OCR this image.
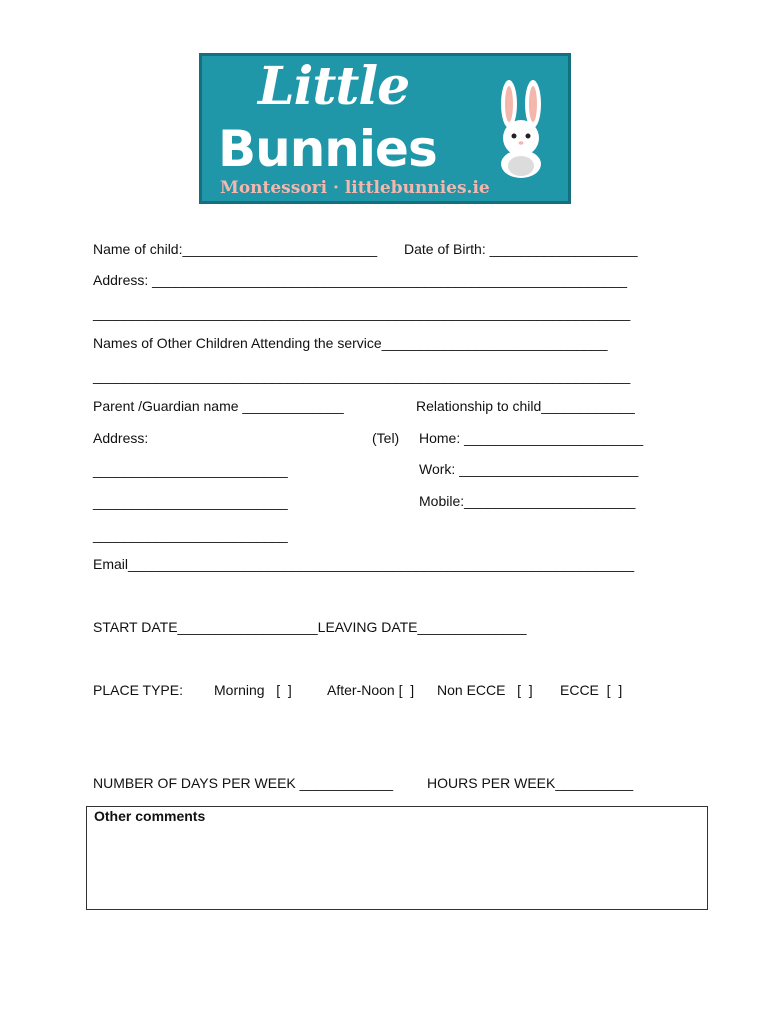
Little
Bunnies
Montessori · littlebunnies.ie
Name of child:_________________________ Date of Birth: ___________________
Address: _____________________________________________________________
_____________________________________________________________________
Names of Other Children Attending the service_____________________________
_____________________________________________________________________
Parent /Guardian name _____________	Relationship to child____________
Address:	(Tel) Home: _______________________
_________________________	Work: _______________________
_________________________	Mobile:______________________
_________________________
Email_________________________________________________________________
START DATE__________________LEAVING DATE______________
PLACE TYPE: Morning   [  ]	After-Noon [  ] Non ECCE   [  ] ECCE  [  ]
NUMBER OF DAYS PER WEEK ____________ HOURS PER WEEK__________
Other comments
